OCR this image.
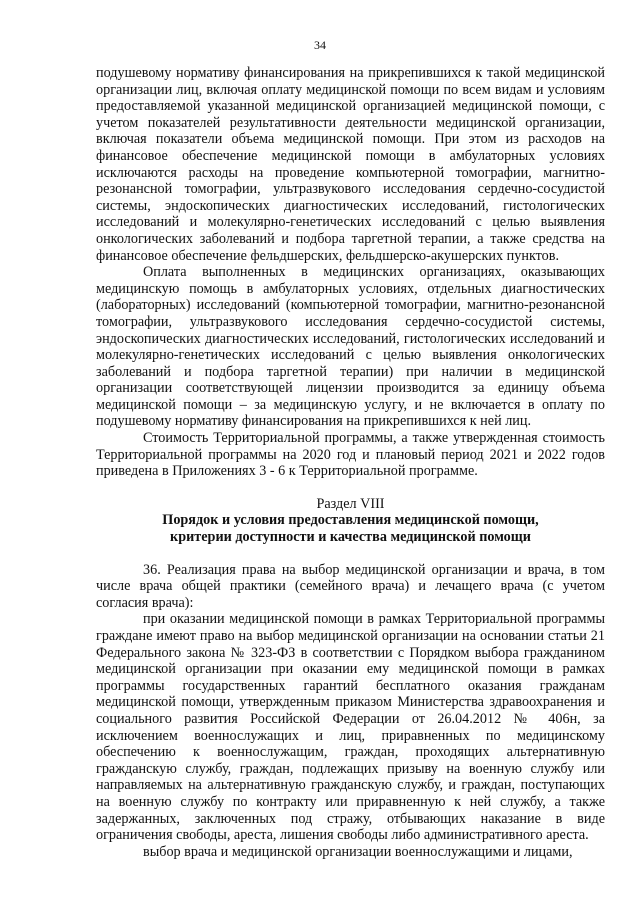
34

подушевому нормативу финансирования на прикрепившихся к такой медицинской организации лиц, включая оплату медицинской помощи по всем видам и условиям предоставляемой указанной медицинской организацией медицинской помощи, с учетом показателей результативности деятельности медицинской организации, включая показатели объема медицинской помощи. При этом из расходов на финансовое обеспечение медицинской помощи в амбулаторных условиях исключаются расходы на проведение компьютерной томографии, магнитно-резонансной томографии, ультразвукового исследования сердечно-сосудистой системы, эндоскопических диагностических исследований, гистологических исследований и молекулярно-генетических исследований с целью выявления онкологических заболеваний и подбора таргетной терапии, а также средства на финансовое обеспечение фельдшерских, фельдшерско-акушерских пунктов.

Оплата выполненных в медицинских организациях, оказывающих медицинскую помощь в амбулаторных условиях, отдельных диагностических (лабораторных) исследований (компьютерной томографии, магнитно-резонансной томографии, ультразвукового исследования сердечно-сосудистой системы, эндоскопических диагностических исследований, гистологических исследований и молекулярно-генетических исследований с целью выявления онкологических заболеваний и подбора таргетной терапии) при наличии в медицинской организации соответствующей лицензии производится за единицу объема медицинской помощи – за медицинскую услугу, и не включается в оплату по подушевому нормативу финансирования на прикрепившихся к ней лиц.

Стоимость Территориальной программы, а также утвержденная стоимость Территориальной программы на 2020 год и плановый период 2021 и 2022 годов приведена в Приложениях 3 - 6 к Территориальной программе.

Раздел VIII
Порядок и условия предоставления медицинской помощи,
критерии доступности и качества медицинской помощи

36. Реализация права на выбор медицинской организации и врача, в том числе врача общей практики (семейного врача) и лечащего врача (с учетом согласия врача):

при оказании медицинской помощи в рамках Территориальной программы граждане имеют право на выбор медицинской организации на основании статьи 21 Федерального закона № 323-ФЗ в соответствии с Порядком выбора гражданином медицинской организации при оказании ему медицинской помощи в рамках программы государственных гарантий бесплатного оказания гражданам медицинской помощи, утвержденным приказом Министерства здравоохранения и социального развития Российской Федерации от 26.04.2012 № 406н, за исключением военнослужащих и лиц, приравненных по медицинскому обеспечению к военнослужащим, граждан, проходящих альтернативную гражданскую службу, граждан, подлежащих призыву на военную службу или направляемых на альтернативную гражданскую службу, и граждан, поступающих на военную службу по контракту или приравненную к ней службу, а также задержанных, заключенных под стражу, отбывающих наказание в виде ограничения свободы, ареста, лишения свободы либо административного ареста.

выбор врача и медицинской организации военнослужащими и лицами,
